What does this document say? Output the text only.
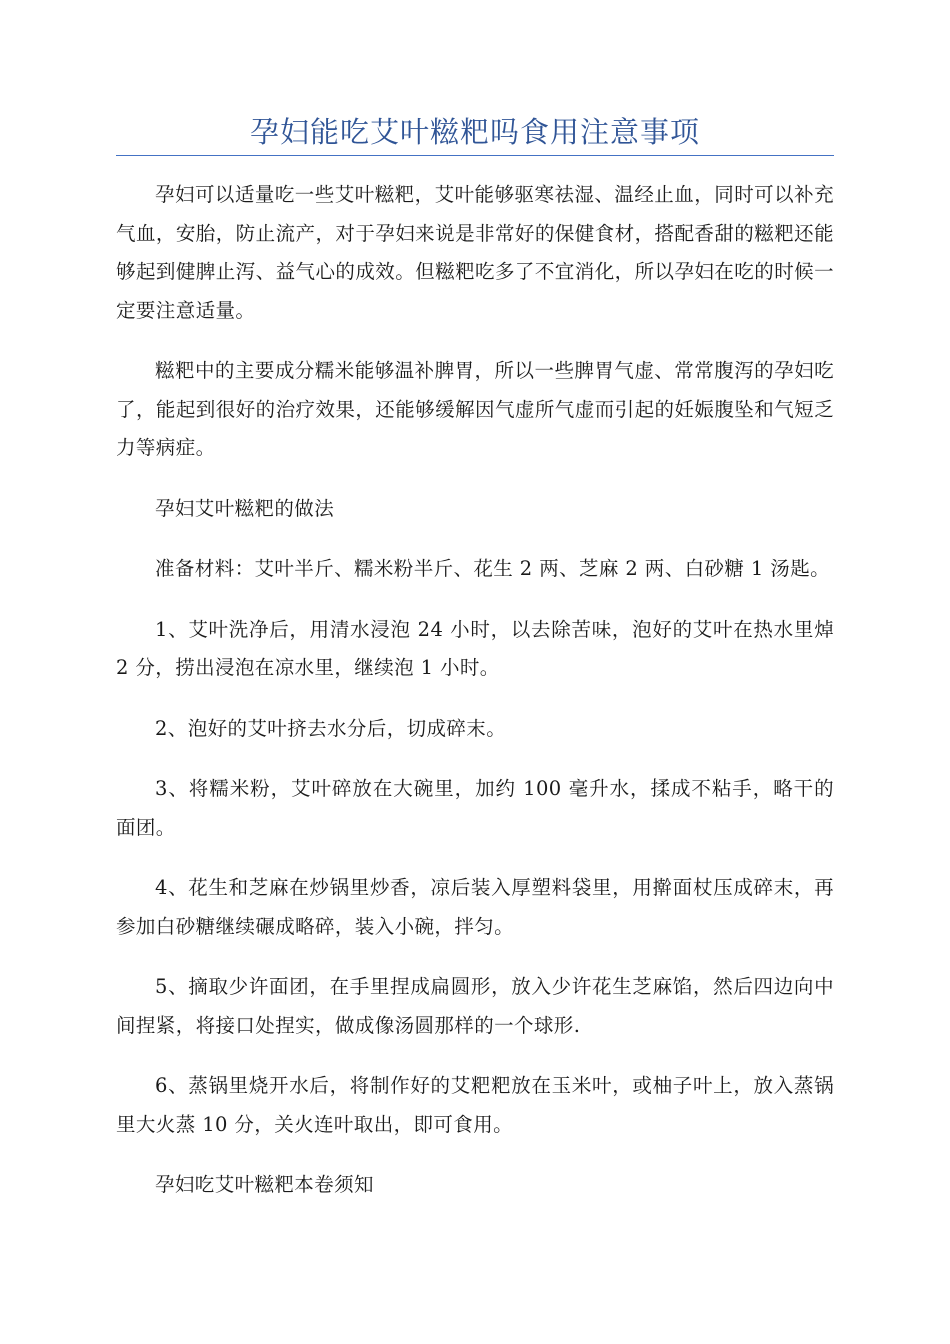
孕妇能吃艾叶糍粑吗食用注意事项

孕妇可以适量吃一些艾叶糍粑，艾叶能够驱寒祛湿、温经止血，同时可以补充气血，安胎，防止流产，对于孕妇来说是非常好的保健食材，搭配香甜的糍粑还能够起到健脾止泻、益气心的成效。但糍粑吃多了不宜消化，所以孕妇在吃的时候一定要注意适量。

糍粑中的主要成分糯米能够温补脾胃，所以一些脾胃气虚、常常腹泻的孕妇吃了，能起到很好的治疗效果，还能够缓解因气虚所气虚而引起的妊娠腹坠和气短乏力等病症。

孕妇艾叶糍粑的做法

准备材料：艾叶半斤、糯米粉半斤、花生 2 两、芝麻 2 两、白砂糖 1 汤匙。

1、艾叶洗净后，用清水浸泡 24 小时，以去除苦味，泡好的艾叶在热水里焯 2 分，捞出浸泡在凉水里，继续泡 1 小时。

2、泡好的艾叶挤去水分后，切成碎末。

3、将糯米粉，艾叶碎放在大碗里，加约 100 毫升水，揉成不粘手，略干的面团。

4、花生和芝麻在炒锅里炒香，凉后装入厚塑料袋里，用擀面杖压成碎末，再参加白砂糖继续碾成略碎，装入小碗，拌匀。

5、摘取少许面团，在手里捏成扁圆形，放入少许花生芝麻馅，然后四边向中间捏紧，将接口处捏实，做成像汤圆那样的一个球形.

6、蒸锅里烧开水后，将制作好的艾粑粑放在玉米叶，或柚子叶上，放入蒸锅里大火蒸 10 分，关火连叶取出，即可食用。

孕妇吃艾叶糍粑本卷须知
